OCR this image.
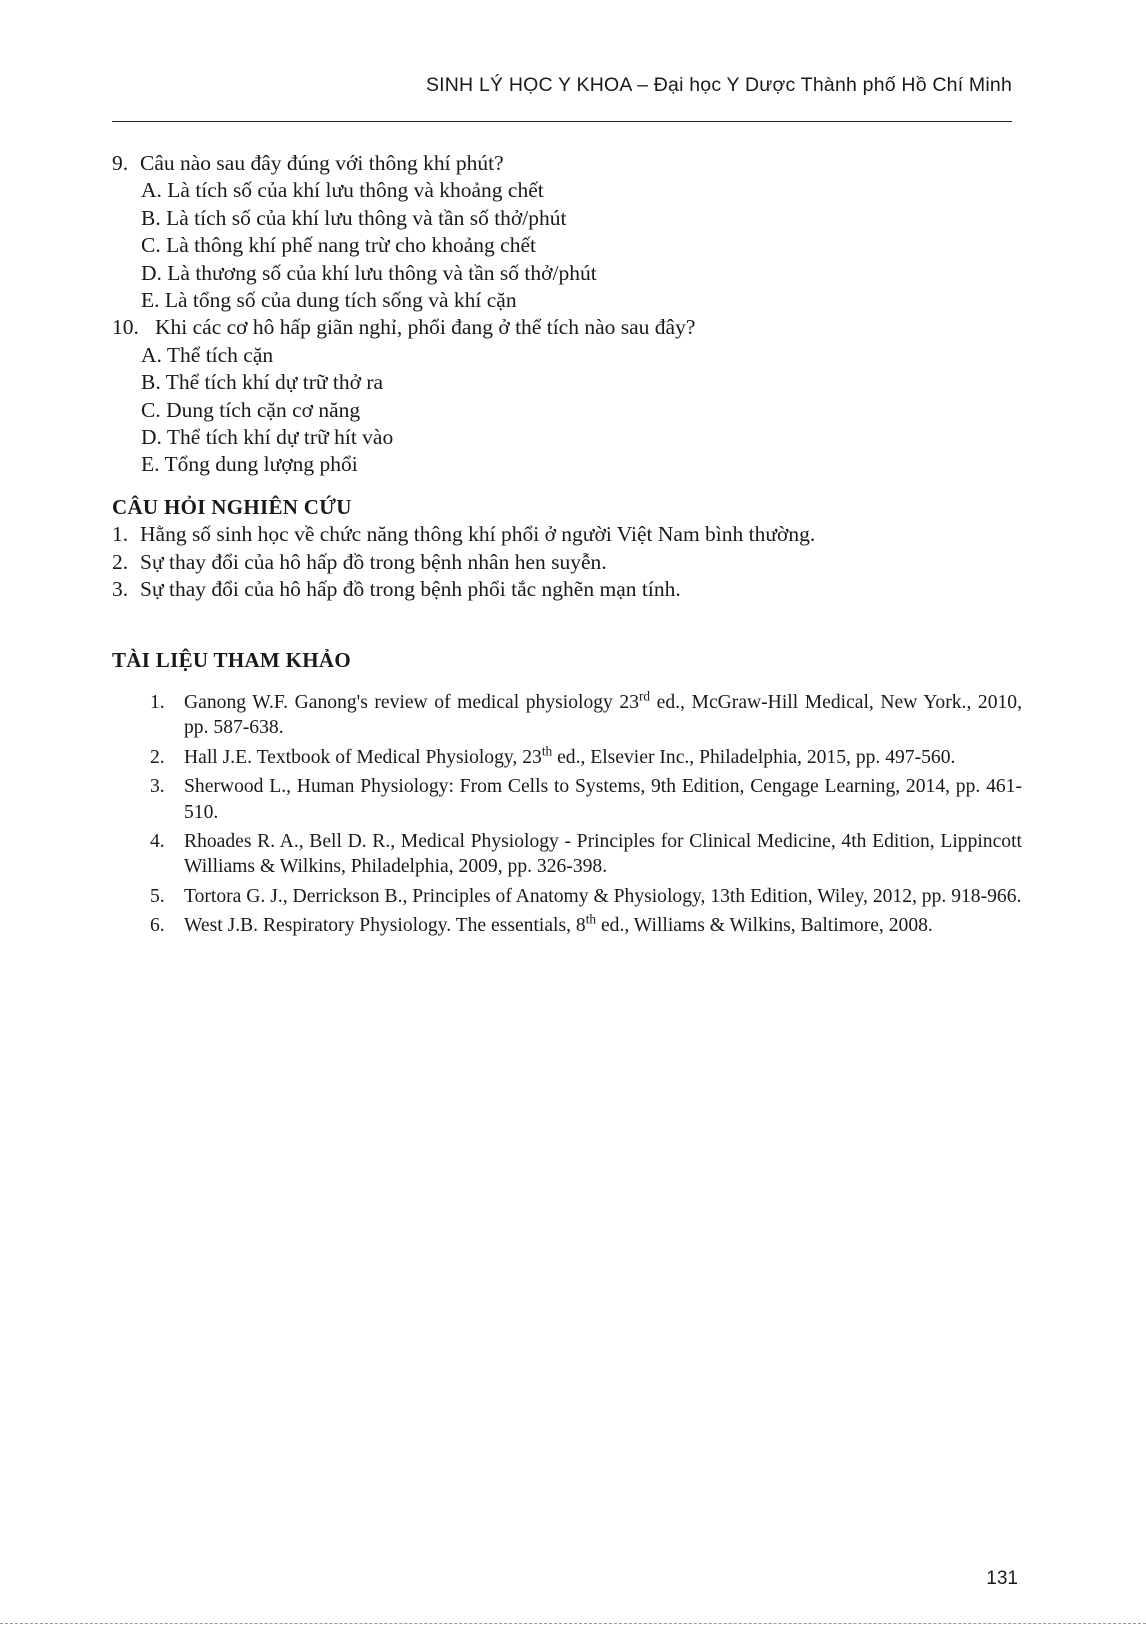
SINH LÝ HỌC Y KHOA – Đại học Y Dược Thành phố Hồ Chí Minh
9. Câu nào sau đây đúng với thông khí phút?
A. Là tích số của khí lưu thông và khoảng chết
B. Là tích số của khí lưu thông và tần số thở/phút
C. Là thông khí phế nang trừ cho khoảng chết
D. Là thương số của khí lưu thông và tần số thở/phút
E. Là tổng số của dung tích sống và khí cặn
10. Khi các cơ hô hấp giãn nghỉ, phổi đang ở thể tích nào sau đây?
A. Thể tích cặn
B. Thể tích khí dự trữ thở ra
C. Dung tích cặn cơ năng
D. Thể tích khí dự trữ hít vào
E. Tổng dung lượng phổi
CÂU HỎI NGHIÊN CỨU
1. Hằng số sinh học về chức năng thông khí phổi ở người Việt Nam bình thường.
2. Sự thay đổi của hô hấp đồ trong bệnh nhân hen suyễn.
3. Sự thay đổi của hô hấp đồ trong bệnh phổi tắc nghẽn mạn tính.
TÀI LIỆU THAM KHẢO
1. Ganong W.F. Ganong's review of medical physiology 23rd ed., McGraw-Hill Medical, New York., 2010, pp. 587-638.
2. Hall J.E. Textbook of Medical Physiology, 23th ed., Elsevier Inc., Philadelphia, 2015, pp. 497-560.
3. Sherwood L., Human Physiology: From Cells to Systems, 9th Edition, Cengage Learning, 2014, pp. 461-510.
4. Rhoades R. A., Bell D. R., Medical Physiology - Principles for Clinical Medicine, 4th Edition, Lippincott Williams & Wilkins, Philadelphia, 2009, pp. 326-398.
5. Tortora G. J., Derrickson B., Principles of Anatomy & Physiology, 13th Edition, Wiley, 2012, pp. 918-966.
6. West J.B. Respiratory Physiology. The essentials, 8th ed., Williams & Wilkins, Baltimore, 2008.
131
